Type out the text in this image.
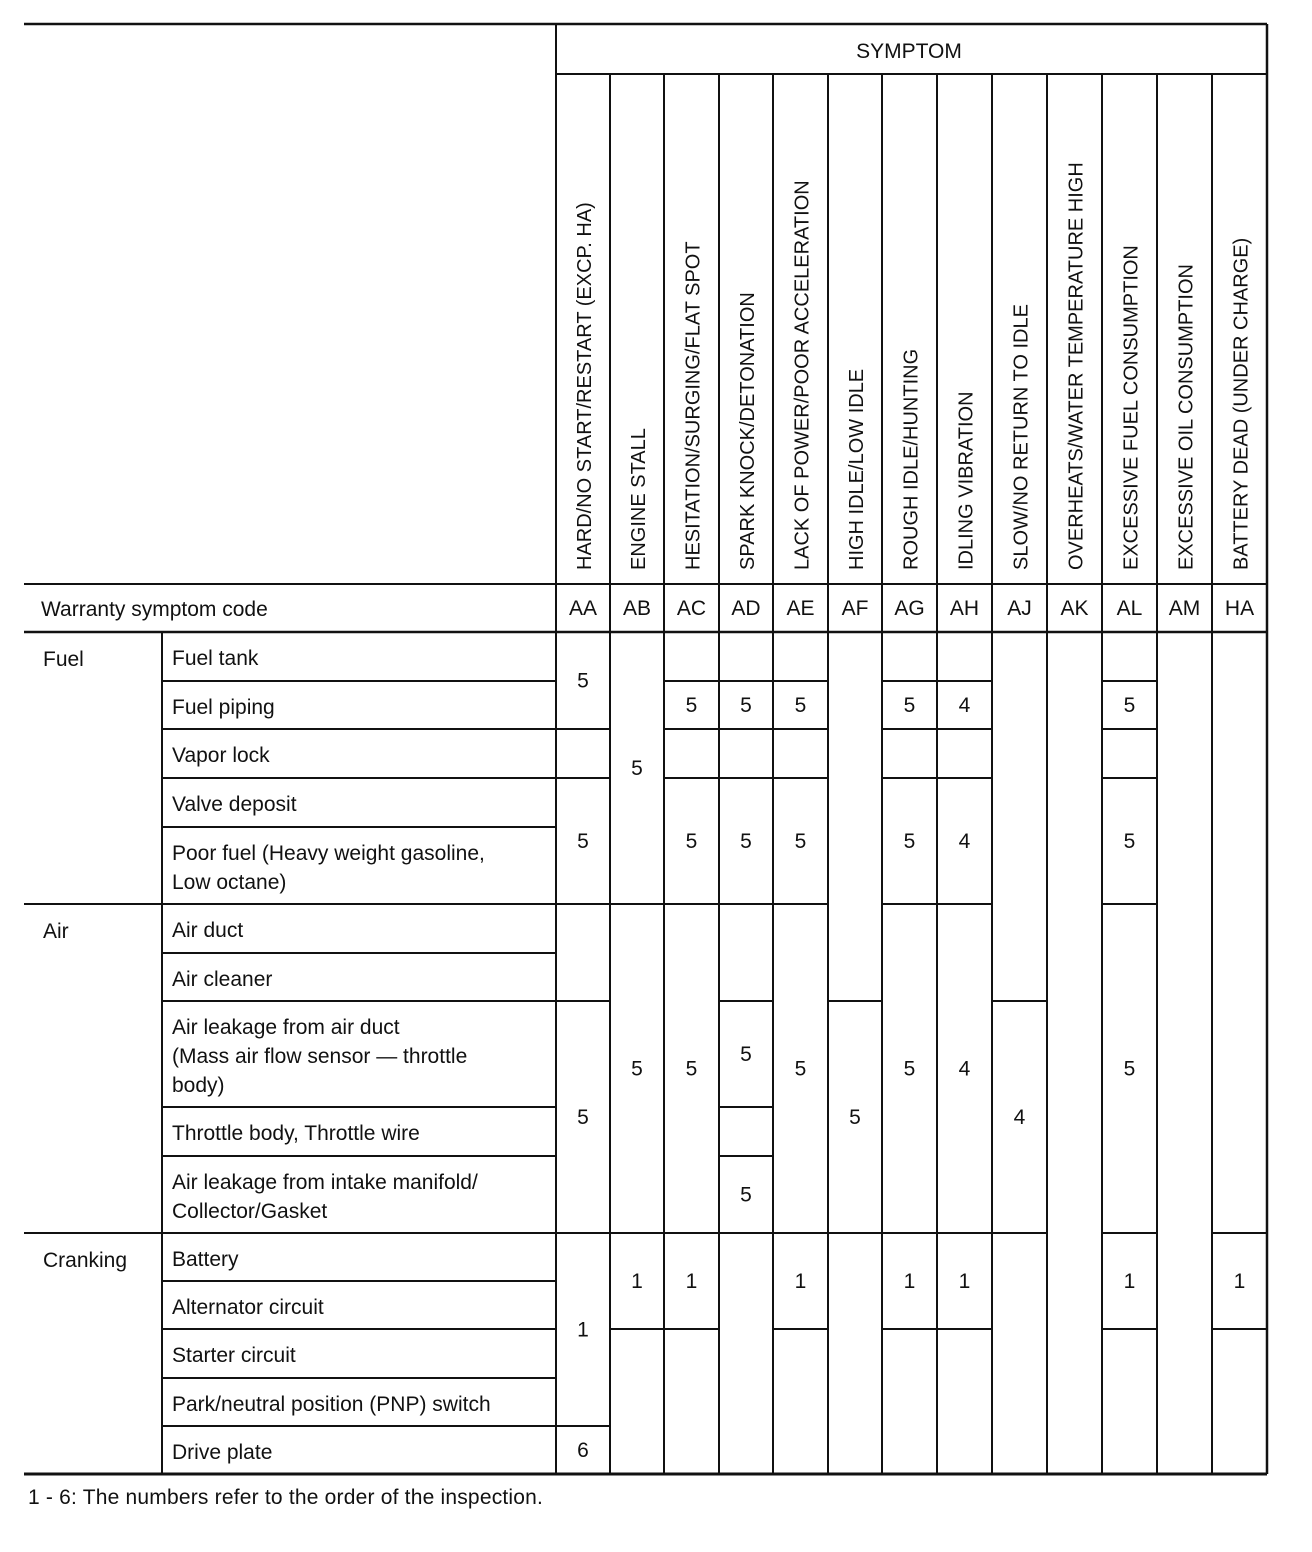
SYMPTOM
HARD/NO START/RESTART (EXCP. HA) ENGINE STALL HESITATION/SURGING/FLAT SPOT SPARK KNOCK/DETONATION LACK OF POWER/POOR ACCELERATION HIGH IDLE/LOW IDLE ROUGH IDLE/HUNTING IDLING VIBRATION SLOW/NO RETURN TO IDLE OVERHEATS/WATER TEMPERATURE HIGH EXCESSIVE FUEL CONSUMPTION EXCESSIVE OIL CONSUMPTION BATTERY DEAD (UNDER CHARGE)
Warranty symptom code	AA AB AC AD AE AF AG AH AJ AK AL AM HA
Fuel
Air
Cranking
Fuel tank
Fuel piping
Vapor lock
Valve deposit
Poor fuel (Heavy weight gasoline, Low octane)
Air duct
Air cleaner
Air leakage from air duct (Mass air flow sensor — throttle body)
Throttle body, Throttle wire
Air leakage from intake manifold/ Collector/Gasket
Battery
Alternator circuit
Starter circuit
Park/neutral position (PNP) switch
Drive plate
5
5
5
1
6
5
5
1
5
5
5
1
5
5
5
5
5
5
5
1
5
5
5
5
1
4
4
4
1
4
5
5
5
1	1
1 - 6: The numbers refer to the order of the inspection.
